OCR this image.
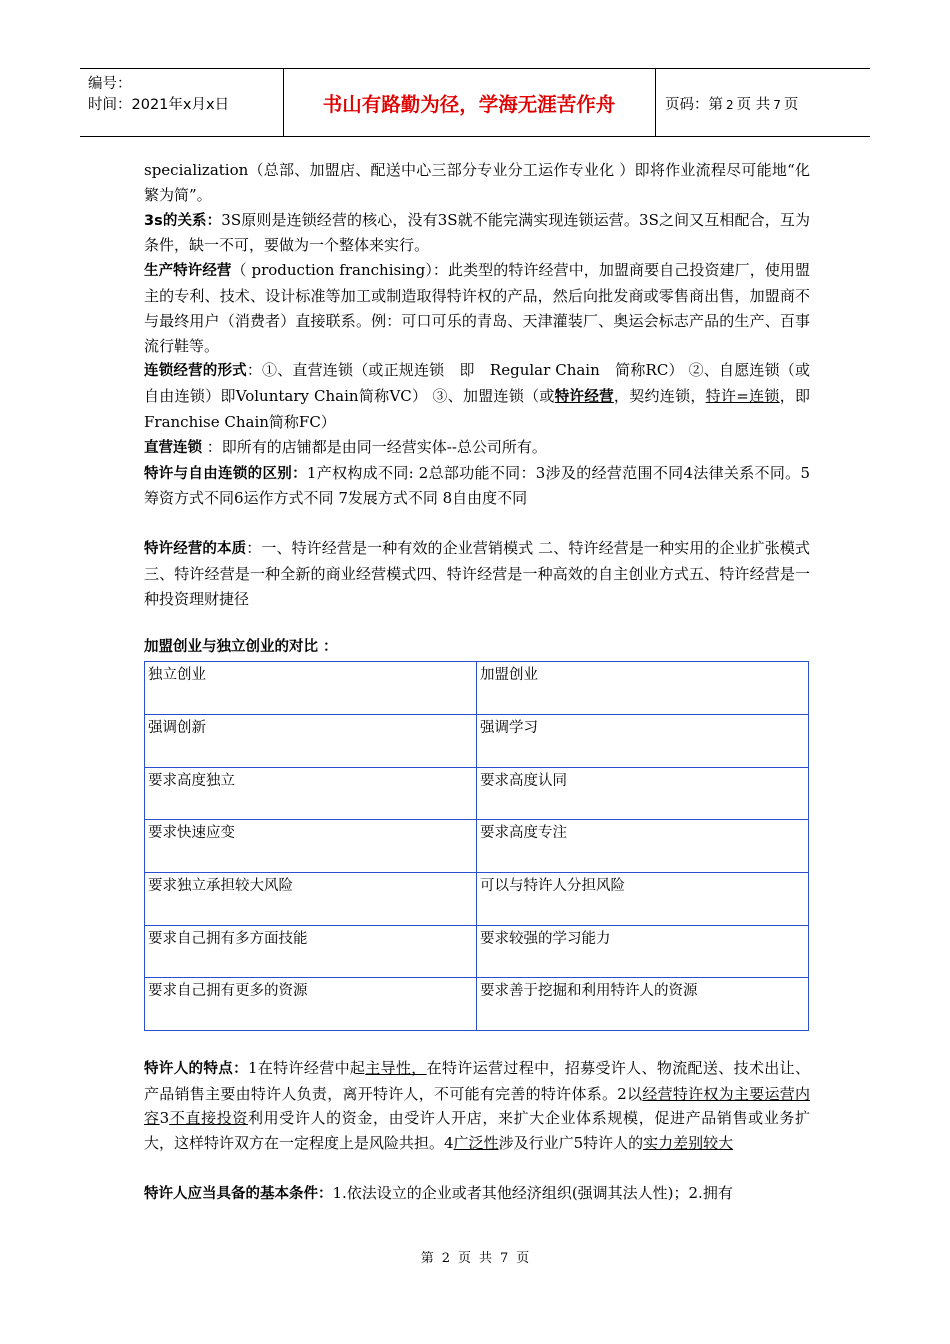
编号：
时间：2021年x月x日	书山有路勤为径，学海无涯苦作舟	页码：第 2 页 共 7 页

specialization（总部、加盟店、配送中心三部分专业分工运作专业化 ）即将作业流程尽可能地“化繁为简”。

3s的关系：3S原则是连锁经营的核心，没有3S就不能完满实现连锁运营。3S之间又互相配合，互为条件，缺一不可，要做为一个整体来实行。

生产特许经营（ production franchising）：此类型的特许经营中，加盟商要自己投资建厂，使用盟主的专利、技术、设计标准等加工或制造取得特许权的产品，然后向批发商或零售商出售，加盟商不与最终用户（消费者）直接联系。例：可口可乐的青岛、天津灌装厂、奥运会标志产品的生产、百事流行鞋等。

连锁经营的形式：①、直营连锁（或正规连锁　即　Regular Chain　简称RC） ②、自愿连锁（或自由连锁）即Voluntary Chain简称VC） ③、加盟连锁（或特许经营，契约连锁，特许=连锁，即Franchise Chain简称FC）

直营连锁 ：即所有的店铺都是由同一经营实体--总公司所有。

特许与自由连锁的区别：1产权构成不同: 2总部功能不同：3涉及的经营范围不同4法律关系不同。5筹资方式不同6运作方式不同 7发展方式不同 8自由度不同

特许经营的本质：一、特许经营是一种有效的企业营销模式 二、特许经营是一种实用的企业扩张模式 三、特许经营是一种全新的商业经营模式四、特许经营是一种高效的自主创业方式五、特许经营是一种投资理财捷径

加盟创业与独立创业的对比 ：
独立创业	加盟创业
强调创新	强调学习
要求高度独立	要求高度认同
要求快速应变	要求高度专注
要求独立承担较大风险	可以与特许人分担风险
要求自己拥有多方面技能	要求较强的学习能力
要求自己拥有更多的资源	要求善于挖掘和利用特许人的资源

特许人的特点：1在特许经营中起主导性，在特许运营过程中，招募受许人、物流配送、技术出让、产品销售主要由特许人负责，离开特许人，不可能有完善的特许体系。2以经营特许权为主要运营内容3不直接投资利用受许人的资金，由受许人开店，来扩大企业体系规模，促进产品销售或业务扩大，这样特许双方在一定程度上是风险共担。4广泛性涉及行业广5特许人的实力差别较大

特许人应当具备的基本条件：1.依法设立的企业或者其他经济组织(强调其法人性)；2.拥有

第 2 页 共 7 页
